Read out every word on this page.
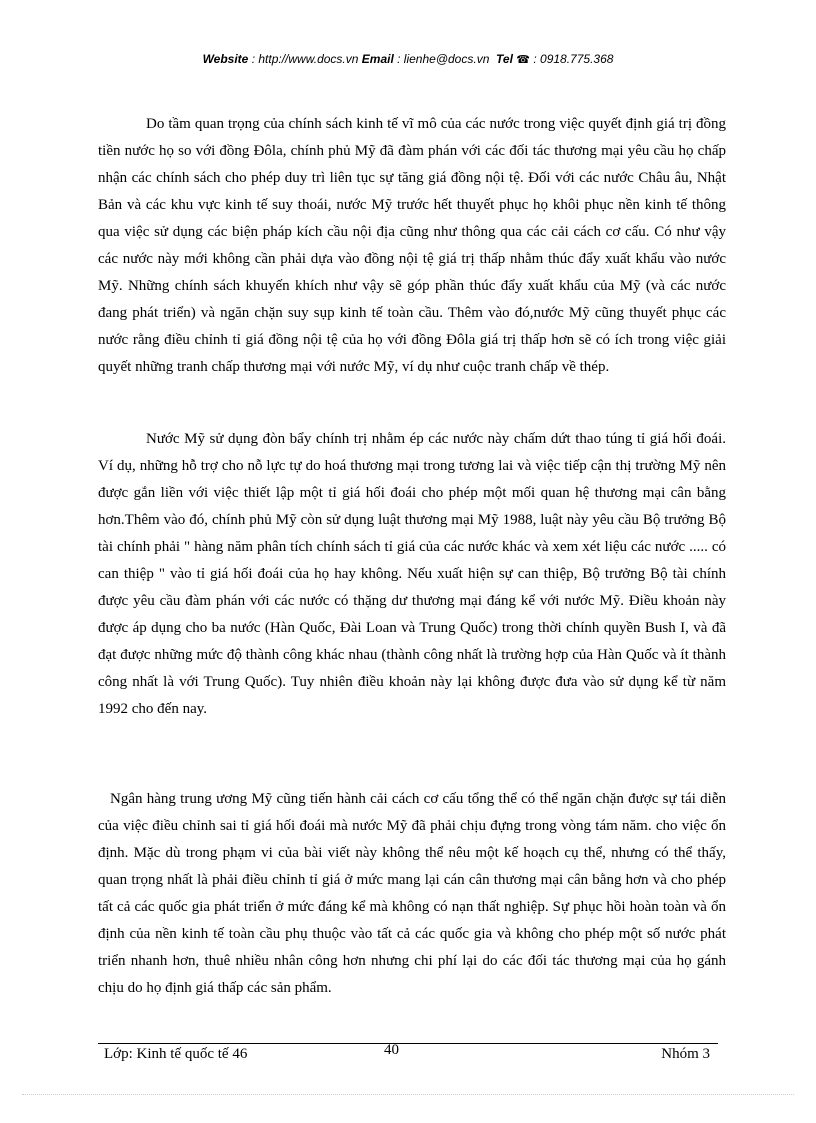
Website : http://www.docs.vn Email : lienhe@docs.vn Tel ☎ : 0918.775.368

Do tầm quan trọng của chính sách kinh tế vĩ mô của các nước trong việc quyết định giá trị đồng tiền nước họ so với đồng Đôla, chính phủ Mỹ đã đàm phán với các đối tác thương mại yêu cầu họ chấp nhận các chính sách cho phép duy trì liên tục sự tăng giá đồng nội tệ. Đối với các nước Châu âu, Nhật Bản và các khu vực kinh tế suy thoái, nước Mỹ trước hết thuyết phục họ khôi phục nền kinh tế thông qua việc sử dụng các biện pháp kích cầu nội địa cũng như thông qua các cải cách cơ cấu. Có như vậy các nước này mới không cần phải dựa vào đồng nội tệ giá trị thấp nhằm thúc đẩy xuất khẩu vào nước Mỹ. Những chính sách khuyến khích như vậy sẽ góp phần thúc đẩy xuất khẩu của Mỹ (và các nước đang phát triển) và ngăn chặn suy sụp kinh tế toàn cầu. Thêm vào đó,nước Mỹ cũng thuyết phục các nước rằng điều chỉnh tỉ giá đồng nội tệ của họ với đồng Đôla giá trị thấp hơn sẽ có ích trong việc giải quyết những tranh chấp thương mại với nước Mỹ, ví dụ như cuộc tranh chấp về thép.

Nước Mỹ sử dụng đòn bẩy chính trị nhằm ép các nước này chấm dứt thao túng tỉ giá hối đoái. Ví dụ, những hỗ trợ cho nỗ lực tự do hoá thương mại trong tương lai và việc tiếp cận thị trường Mỹ nên được gắn liền với việc thiết lập một tỉ giá hối đoái cho phép một mối quan hệ thương mại cân bằng hơn.Thêm vào đó, chính phủ Mỹ còn sử dụng luật thương mại Mỹ 1988, luật này yêu cầu Bộ trưởng Bộ tài chính phải " hàng năm phân tích chính sách tỉ giá của các nước khác và xem xét liệu các nước ..... có can thiệp " vào tỉ giá hối đoái của họ hay không. Nếu xuất hiện sự can thiệp, Bộ trưởng Bộ tài chính được yêu cầu đàm phán với các nước có thặng dư thương mại đáng kể với nước Mỹ. Điều khoản này được áp dụng cho ba nước (Hàn Quốc, Đài Loan và Trung Quốc) trong thời chính quyền Bush I, và đã đạt được những mức độ thành công khác nhau (thành công nhất là trường hợp của Hàn Quốc và ít thành công nhất là với Trung Quốc). Tuy nhiên điều khoản này lại không được đưa vào sử dụng kể từ năm 1992 cho đến nay.

Ngân hàng trung ương Mỹ cũng tiến hành cải cách cơ cấu tổng thể có thể ngăn chặn được sự tái diễn của việc điều chỉnh sai tỉ giá hối đoái mà nước Mỹ đã phải chịu đựng trong vòng tám năm. cho việc ổn định. Mặc dù trong phạm vi của bài viết này không thể nêu một kế hoạch cụ thể, nhưng có thể thấy, quan trọng nhất là phải điều chỉnh tỉ giá ở mức mang lại cán cân thương mại cân bằng hơn và cho phép tất cả các quốc gia phát triển ở mức đáng kể mà không có nạn thất nghiệp. Sự phục hồi hoàn toàn và ổn định của nền kinh tế toàn cầu phụ thuộc vào tất cả các quốc gia và không cho phép một số nước phát triển nhanh hơn, thuê nhiều nhân công hơn nhưng chi phí lại do các đối tác thương mại của họ gánh chịu do họ định giá thấp các sản phẩm.

Lớp: Kinh tế quốc tế 46	40	Nhóm 3
